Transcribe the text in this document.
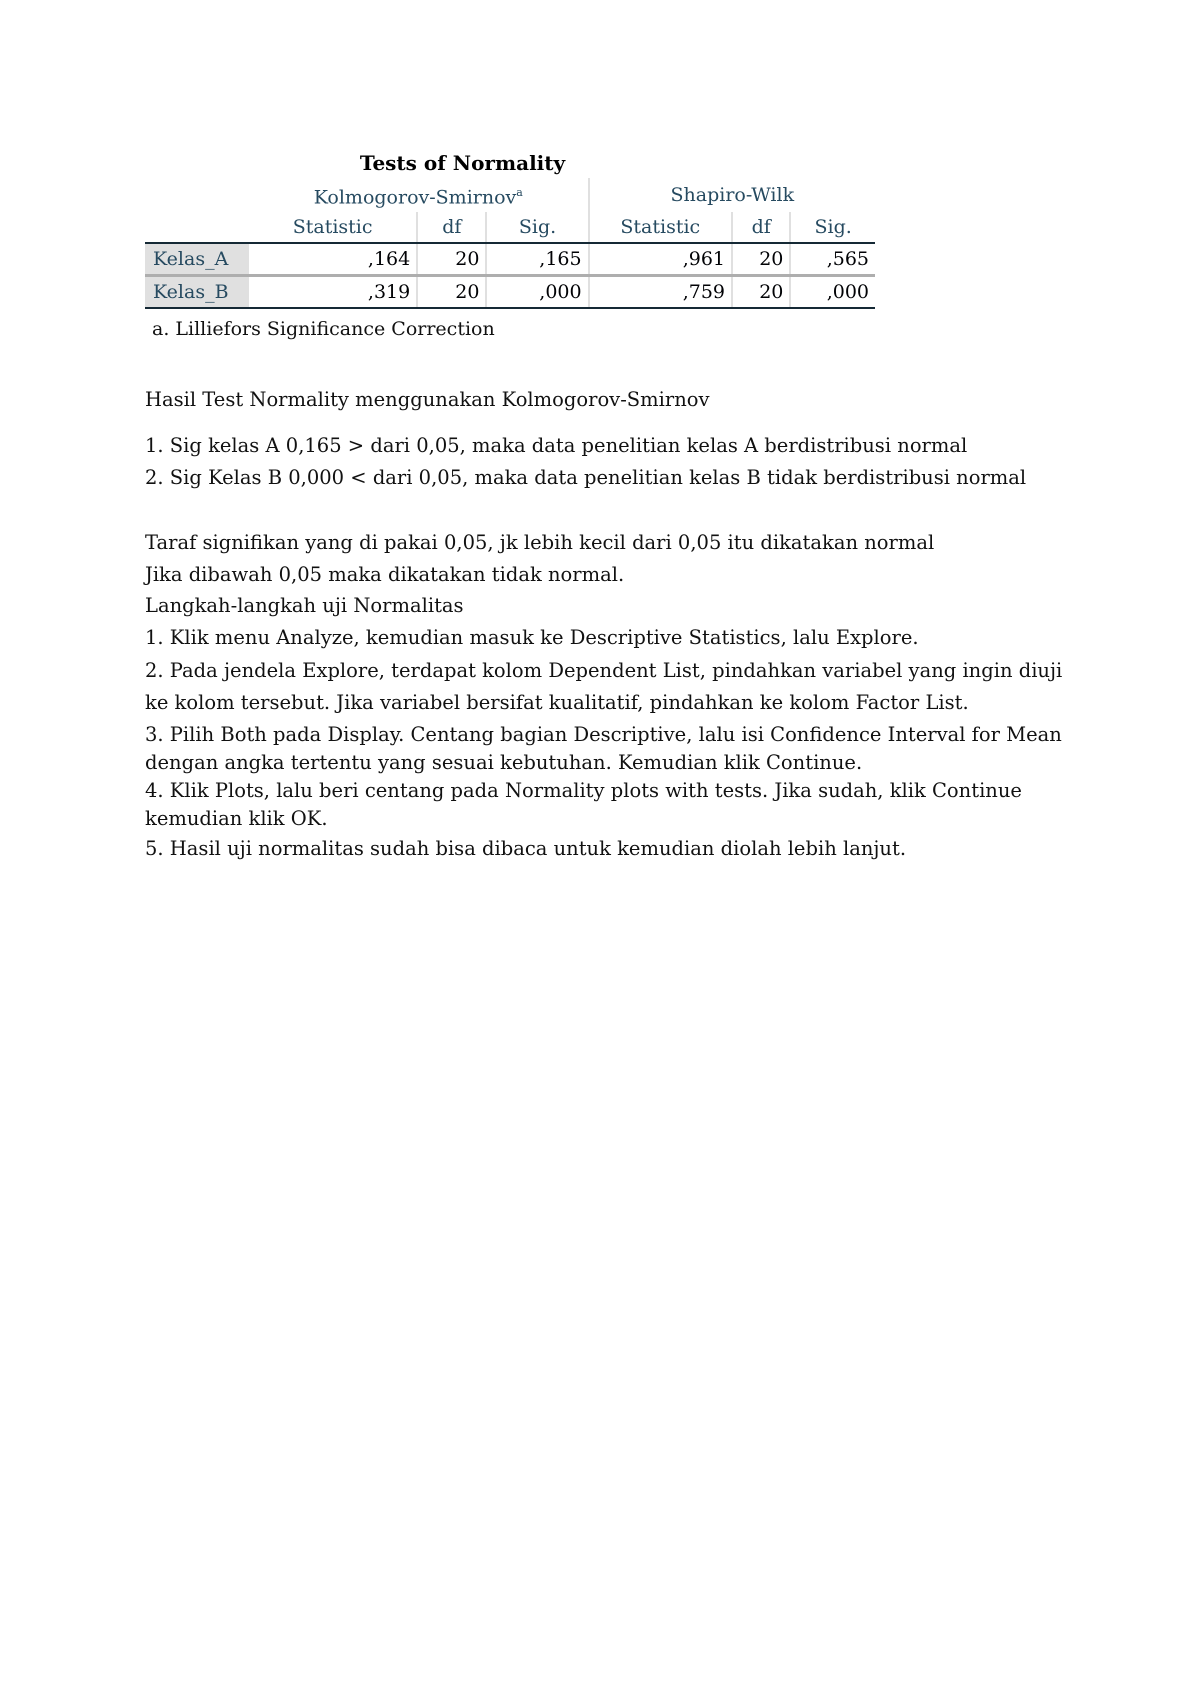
Tests of Normality
	Kolmogorov-Smirnov$^a$			Shapiro-Wilk		
	Statistic	df	Sig.	Statistic	df	Sig.
Kelas_A	,164	20	,165	,961	20	,565
Kelas_B	,319	20	,000	,759	20	,000
a. Lilliefors Significance Correction
Hasil Test Normality menggunakan Kolmogorov-Smirnov
1. Sig kelas A 0,165 > dari 0,05, maka data penelitian kelas A berdistribusi normal
2. Sig Kelas B 0,000 < dari 0,05, maka data penelitian kelas B tidak berdistribusi normal
Taraf signifikan yang di pakai 0,05, jk lebih kecil dari 0,05 itu dikatakan normal
Jika dibawah 0,05 maka dikatakan tidak normal.
Langkah-langkah uji Normalitas
1. Klik menu Analyze, kemudian masuk ke Descriptive Statistics, lalu Explore.
2. Pada jendela Explore, terdapat kolom Dependent List, pindahkan variabel yang ingin diuji
ke kolom tersebut. Jika variabel bersifat kualitatif, pindahkan ke kolom Factor List.
3. Pilih Both pada Display. Centang bagian Descriptive, lalu isi Confidence Interval for Mean
dengan angka tertentu yang sesuai kebutuhan. Kemudian klik Continue.
4. Klik Plots, lalu beri centang pada Normality plots with tests. Jika sudah, klik Continue
kemudian klik OK.
5. Hasil uji normalitas sudah bisa dibaca untuk kemudian diolah lebih lanjut.
